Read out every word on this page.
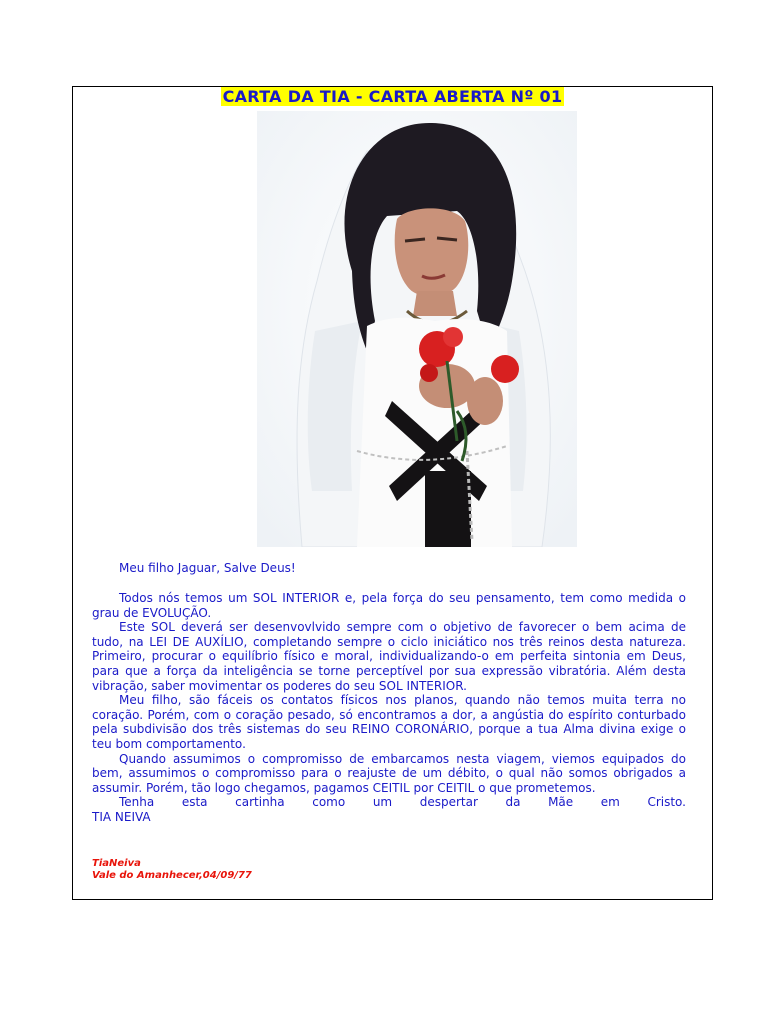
CARTA DA TIA - CARTA ABERTA Nº 01
Meu filho Jaguar, Salve Deus!

Todos nós temos um SOL INTERIOR e, pela força do seu pensamento, tem como medida o grau de EVOLUÇÃO.

Este SOL deverá ser desenvovlvido sempre com o objetivo de favorecer o bem acima de tudo, na LEI DE AUXÍLIO, completando sempre o ciclo iniciático nos três reinos desta natureza. Primeiro, procurar o equilíbrio físico e moral, individualizando-o em perfeita sintonia em Deus, para que a força da inteligência se torne perceptível por sua expressão vibratória. Além desta vibração, saber movimentar os poderes do seu SOL INTERIOR.

Meu filho, são fáceis os contatos físicos nos planos, quando não temos muita terra no coração. Porém, com o coração pesado, só encontramos a dor, a angústia do espírito conturbado pela subdivisão dos três sistemas do seu REINO CORONÁRIO, porque a tua Alma divina exige o teu bom comportamento.

Quando assumimos o compromisso de embarcamos nesta viagem, viemos equipados do bem, assumimos o compromisso para o reajuste de um débito, o qual não somos obrigados a assumir. Porém, tão logo chegamos, pagamos CEITIL por CEITIL o que prometemos.

Tenha esta cartinha como um despertar da Mãe em Cristo.

TIA NEIVA

TiaNeiva
Vale do Amanhecer,04/09/77
